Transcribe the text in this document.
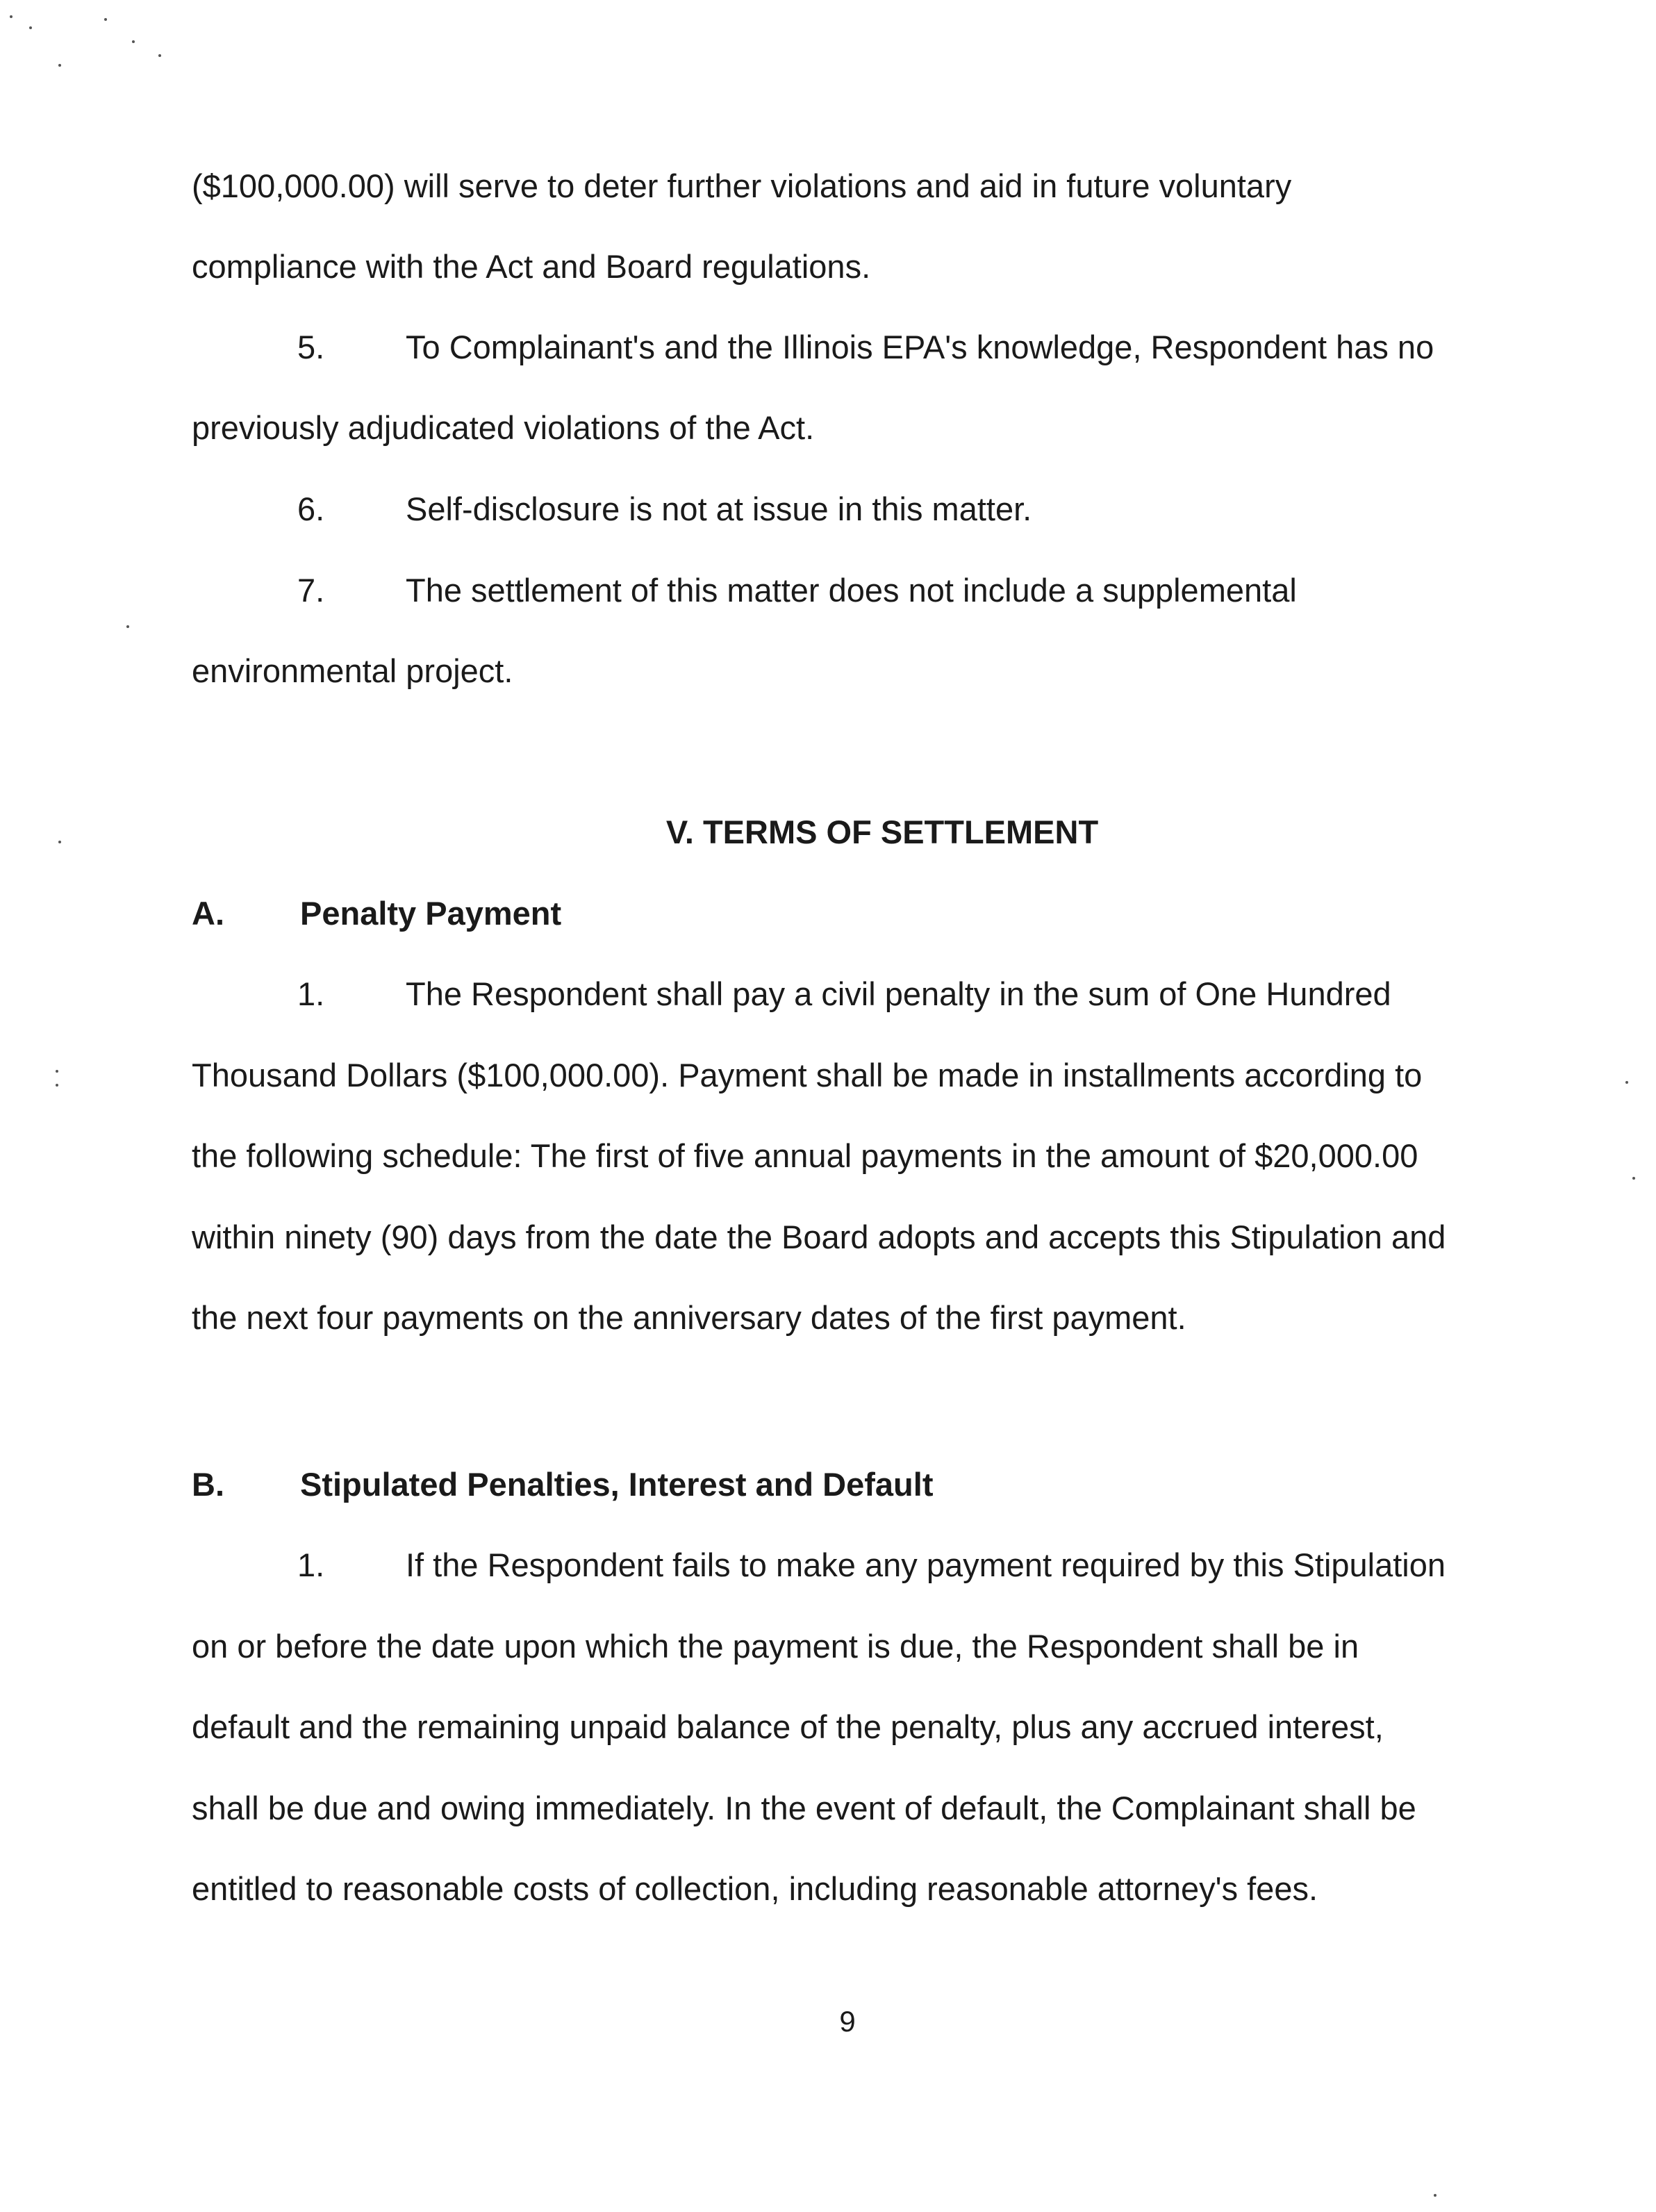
($100,000.00) will serve to deter further violations and aid in future voluntary
compliance with the Act and Board regulations.
5. To Complainant's and the Illinois EPA's knowledge, Respondent has no
previously adjudicated violations of the Act.
6. Self-disclosure is not at issue in this matter.
7. The settlement of this matter does not include a supplemental
environmental project.
V. TERMS OF SETTLEMENT
A. Penalty Payment
1. The Respondent shall pay a civil penalty in the sum of One Hundred
Thousand Dollars ($100,000.00). Payment shall be made in installments according to
the following schedule: The first of five annual payments in the amount of $20,000.00
within ninety (90) days from the date the Board adopts and accepts this Stipulation and
the next four payments on the anniversary dates of the first payment.
B. Stipulated Penalties, Interest and Default
1. If the Respondent fails to make any payment required by this Stipulation
on or before the date upon which the payment is due, the Respondent shall be in
default and the remaining unpaid balance of the penalty, plus any accrued interest,
shall be due and owing immediately. In the event of default, the Complainant shall be
entitled to reasonable costs of collection, including reasonable attorney's fees.
9
